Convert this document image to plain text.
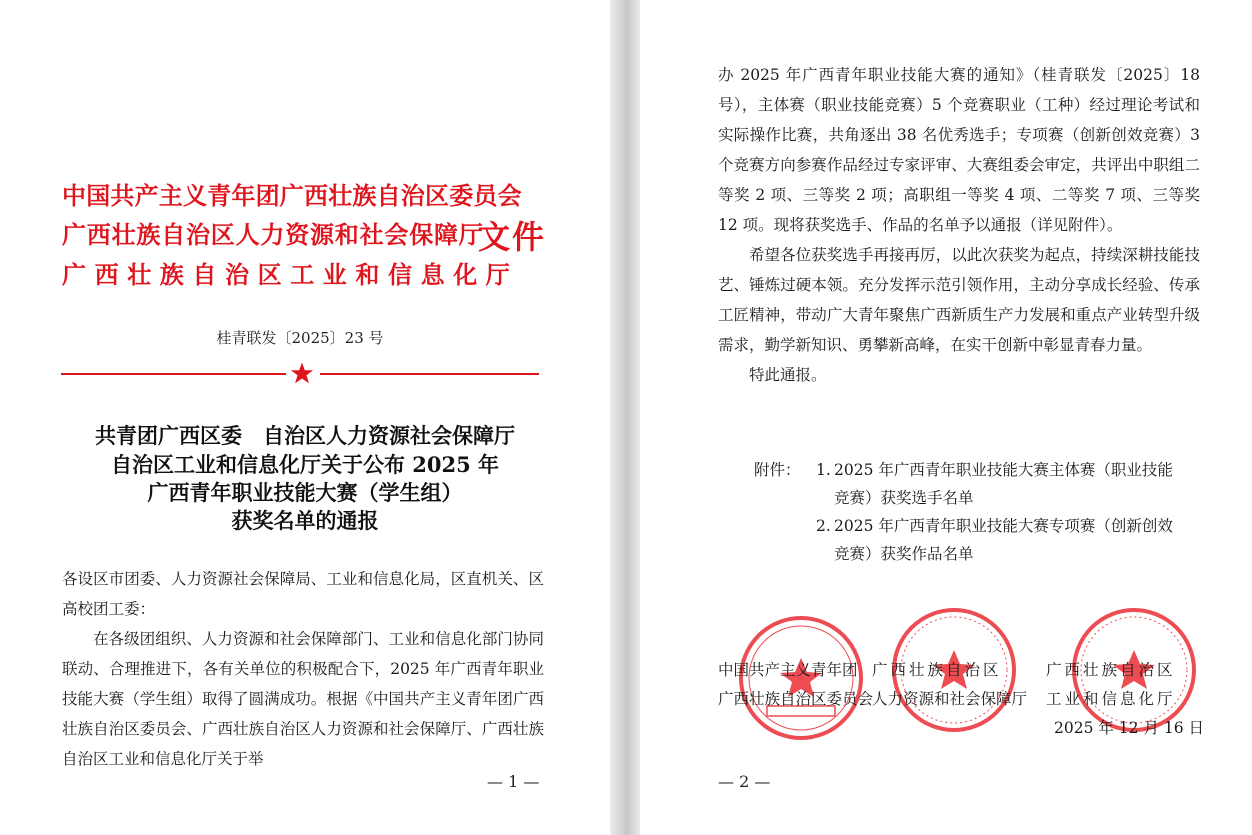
中国共产主义青年团广西壮族自治区委员会
广西壮族自治区人力资源和社会保障厅
广西壮族自治区工业和信息化厅
文件
桂青联发〔2025〕23 号
共青团广西区委　自治区人力资源社会保障厅
自治区工业和信息化厅关于公布 2025 年
广西青年职业技能大赛（学生组）
获奖名单的通报

各设区市团委、人力资源社会保障局、工业和信息化局，区直机关、区高校团工委：

在各级团组织、人力资源和社会保障部门、工业和信息化部门协同联动、合理推进下，各有关单位的积极配合下，2025 年广西青年职业技能大赛（学生组）取得了圆满成功。根据《中国共产主义青年团广西壮族自治区委员会、广西壮族自治区人力资源和社会保障厅、广西壮族自治区工业和信息化厅关于举

— 1 —

办 2025 年广西青年职业技能大赛的通知》（桂青联发〔2025〕18 号），主体赛（职业技能竞赛）5 个竞赛职业（工种）经过理论考试和实际操作比赛，共角逐出 38 名优秀选手；专项赛（创新创效竞赛）3 个竞赛方向参赛作品经过专家评审、大赛组委会审定，共评出中职组二等奖 2 项、三等奖 2 项；高职组一等奖 4 项、二等奖 7 项、三等奖 12 项。现将获奖选手、作品的名单予以通报（详见附件）。

希望各位获奖选手再接再厉，以此次获奖为起点，持续深耕技能技艺、锤炼过硬本领。充分发挥示范引领作用，主动分享成长经验、传承工匠精神，带动广大青年聚焦广西新质生产力发展和重点产业转型升级需求，勤学新知识、勇攀新高峰，在实干创新中彰显青春力量。

特此通报。

附件： 1. 2025 年广西青年职业技能大赛主体赛（职业技能
竞赛）获奖选手名单
2. 2025 年广西青年职业技能大赛专项赛（创新创效
竞赛）获奖作品名单
中国共产主义青年团
广西壮族自治区委员会
广西壮族自治区
人力资源和社会保障厅
广西壮族自治区
工业和信息化厅
2025 年 12 月 16 日
— 2 —
